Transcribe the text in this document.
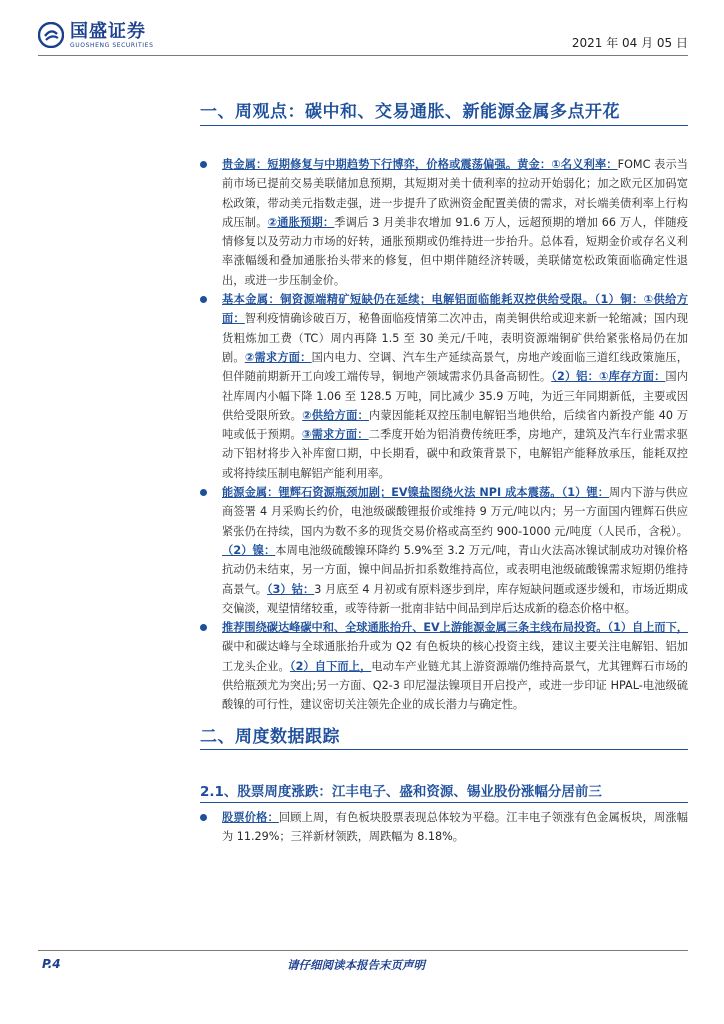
国盛证券
GUOSHENG SECURITIES	2021 年 04 月 05 日
一、周观点：碳中和、交易通胀、新能源金属多点开花
贵金属：短期修复与中期趋势下行博弈，价格或震荡偏强。黄金：①名义利率：FOMC 表示当前市场已提前交易美联储加息预期，其短期对美十债利率的拉动开始弱化；加之欧元区加码宽松政策，带动美元指数走强，进一步提升了欧洲资金配置美债的需求，对长端美债利率上行构成压制。②通胀预期：季调后 3 月美非农增加 91.6 万人，远超预期的增加 66 万人，伴随疫情修复以及劳动力市场的好转，通胀预期或仍维持进一步抬升。总体看，短期金价或存名义利率涨幅缓和叠加通胀抬头带来的修复，但中期伴随经济转暖，美联储宽松政策面临确定性退出，或进一步压制金价。
基本金属：铜资源端精矿短缺仍在延续；电解铝面临能耗双控供给受限。（1）铜：①供给方面：智利疫情确诊破百万，秘鲁面临疫情第二次冲击，南美铜供给或迎来新一轮缩减；国内现货粗炼加工费（TC）周内再降 1.5 至 30 美元/千吨，表明资源端铜矿供给紧张格局仍在加剧。②需求方面：国内电力、空调、汽车生产延续高景气，房地产竣面临三道红线政策施压，但伴随前期新开工向竣工端传导，铜地产领域需求仍具备高韧性。（2）铝：①库存方面：国内社库周内小幅下降 1.06 至 128.5 万吨，同比减少 35.9 万吨，为近三年同期新低，主要或因供给受限所致。②供给方面：内蒙因能耗双控压制电解铝当地供给，后续省内新投产能 40 万吨或低于预期。③需求方面：二季度开始为铝消费传统旺季，房地产，建筑及汽车行业需求驱动下铝材将步入补库窗口期，中长期看，碳中和政策背景下，电解铝产能释放承压，能耗双控或将持续压制电解铝产能利用率。
能源金属：锂辉石资源瓶颈加剧；EV镍盐图绕火法 NPI 成本震荡。（1）锂：周内下游与供应商签署 4 月采购长约价，电池级碳酸锂报价或维持 9 万元/吨以内；另一方面国内锂辉石供应紧张仍在持续，国内为数不多的现货交易价格或高至约 900-1000 元/吨度（人民币，含税）。（2）镍：本周电池级硫酸镍环降约 5.9%至 3.2 万元/吨，青山火法高冰镍试制成功对镍价格抗动仍未结束，另一方面，镍中间品折扣系数维持高位，或表明电池级硫酸镍需求短期仍维持高景气。（3）钴：3 月底至 4 月初或有原料逐步到岸，库存短缺问题或逐步缓和，市场近期成交偏淡，观望情绪较重，或等待新一批南非钴中间品到岸后达成新的稳态价格中枢。
推荐围绕碳达峰碳中和、全球通胀抬升、EV上游能源金属三条主线布局投资。（1）自上而下，碳中和碳达峰与全球通胀抬升或为 Q2 有色板块的核心投资主线，建议主要关注电解铝、铝加工龙头企业。（2）自下而上，电动车产业链尤其上游资源端仍维持高景气，尤其锂辉石市场的供给瓶颈尤为突出;另一方面、Q2-3 印尼湿法镍项目开启投产，或进一步印证 HPAL-电池级硫酸镍的可行性，建议密切关注领先企业的成长潜力与确定性。
二、周度数据跟踪
2.1、股票周度涨跌：江丰电子、盛和资源、锡业股份涨幅分居前三
股票价格：回顾上周，有色板块股票表现总体较为平稳。江丰电子领涨有色金属板块，周涨幅为 11.29%；三祥新材领跌，周跌幅为 8.18%。
P.4	请仔细阅读本报告末页声明
